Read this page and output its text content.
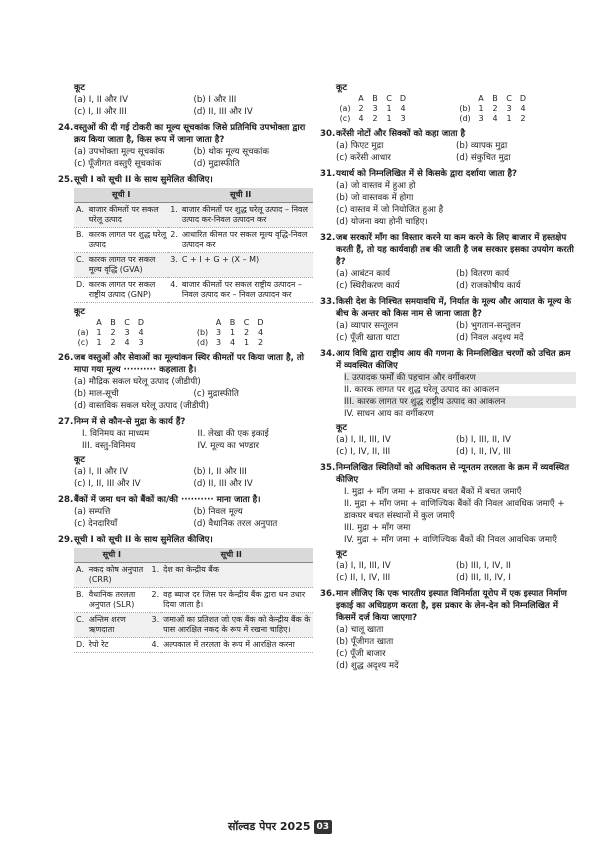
कूट
(a) I, II और IV	(b) I और III
(c) I, II और III	(d) II, III और IV
24. वस्तुओं की दी गई टोकरी का मूल्य सूचकांक जिसे प्रतिनिधि उपभोक्ता द्वारा क्रय किया जाता है, किस रूप में जाना जाता है?
(a) उपभोक्ता मूल्य सूचकांक	(b) थोक मूल्य सूचकांक
(c) पूँजीगत वस्तुएँ सूचकांक	(d) मुद्रास्फीति
25. सूची I को सूची II के साथ सुमेलित कीजिए।
सूची I		सूची II	
A.	बाजार कीमतों पर सकल घरेलू उत्पाद	1.	बाजार कीमतों पर शुद्ध घरेलू उत्पाद – निवल उत्पाद कर-निवल उत्पादन कर
B.	कारक लागत पर शुद्ध घरेलू उत्पाद	2.	आधारित कीमत पर सकल मूल्य वृद्धि-निवल उत्पादन कर
C.	कारक लागत पर सकल मूल्य वृद्धि (GVA)	3.	C + I + G + (X – M)
D.	कारक लागत पर सकल राष्ट्रीय उत्पाद (GNP)	4.	बाजार कीमतों पर सकल राष्ट्रीय उत्पादन – निवल उत्पाद कर – निवल उत्पादन कर
कूट
A	B	C	D	A	B	C	D
(a) 1	2	3	4	(b) 3	1	2	4
(c)	1	2	4	3	(d) 3	4	1	2
26. जब वस्तुओं और सेवाओं का मूल्यांकन स्थिर कीमतों पर किया जाता है, तो मापा गया मूल्य ·········· कहलाता है।
(a) मौद्रिक सकल घरेलू उत्पाद (जीडीपी)
(b) माल-सूची	(c) मुद्रास्फीति
(d) वास्तविक सकल घरेलू उत्पाद (जीडीपी)
27. निम्न में से कौन-से मुद्रा के कार्य हैं?
I. विनिमय का माध्यम	II. लेखा की एक इकाई
III. वस्तु-विनिमय	IV. मूल्य का भण्डार
कूट
(a) I, II और IV	(b) I, II और III
(c) I, II, III और IV	(d) II, III और IV
28. बैंकों में जमा धन को बैंकों का/की ·········· माना जाता है।
(a) सम्पत्ति	(b) निवल मूल्य
(c) देनदारियाँ	(d) वैधानिक तरल अनुपात
29. सूची I को सूची II के साथ सुमेलित कीजिए।
सूची I		सूची II	
A.	नकद कोष अनुपात (CRR)	1.	देश का केन्द्रीय बैंक
B.	वैधानिक तरलता अनुपात (SLR)	2.	वह ब्याज दर जिस पर केन्द्रीय बैंक द्वारा धन उधार दिया जाता है।
C.	अन्तिम शरण ऋणदाता	3.	जमाओं का प्रतिशत जो एक बैंक को केन्द्रीय बैंक के पास आरक्षित नकद के रूप में रखना चाहिए।
D.	रेपो रेट	4.	अल्पकाल में तरलता के रूप में आरक्षित करना
कूट
A	B	C	D	A	B	C	D
(a) 2	3	1	4	(b) 1	2	3	4
(c)	4	2	1	3	(d) 3	4	1	2
30. करेंसी नोटों और सिक्कों को कहा जाता है
(a) फिएट मुद्रा	(b) व्यापक मुद्रा
(c) करेंसी आधार	(d) संकुचित मुद्रा
31. यथार्थ को निम्नलिखित में से किसके द्वारा दर्शाया जाता है?
(a) जो वास्तव में हुआ हो
(b) जो वास्तवक में होगा
(c) वास्तव में जो नियोजित हुआ है
(d) योजना क्या होनी चाहिए।
32. जब सरकारें माँग का विस्तार करने या कम करने के लिए बाजार में हस्तक्षेप करती हैं, तो यह कार्यवाही तब की जाती है जब सरकार इसका उपयोग करती है?
(a) आबंटन कार्य	(b) वितरण कार्य
(c) स्थिरीकरण कार्य	(d) राजकोषीय कार्य
33. किसी देश के निश्चित समयावधि में, निर्यात के मूल्य और आयात के मूल्य के बीच के अन्तर को किस नाम से जाना जाता है?
(a) व्यापार सन्तुलन	(b) भुगतान-सन्तुलन
(c) पूँजी खाता घाटा	(d) निवल अदृश्य मदें
34. आय विधि द्वारा राष्ट्रीय आय की गणना के निम्नलिखित चरणों को उचित क्रम में व्यवस्थित कीजिए
I. उत्पादक फर्मों की पहचान और वर्गीकरण
II. कारक लागत पर शुद्ध घरेलू उत्पाद का आकलन
III. कारक लागत पर शुद्ध राष्ट्रीय उत्पाद का आकलन
IV. साधन आय का वर्गीकरण
कूट
(a) I, II, III, IV	(b) I, III, II, IV
(c) I, IV, II, III	(d) I, II, IV, III
35. निम्नलिखित स्थितियों को अधिकतम से न्यूनतम तरलता के क्रम में व्यवस्थित कीजिए
I. मुद्रा + माँग जमा + डाकघर बचत बैंकों में बचत जमाएँ
II. मुद्रा + माँग जमा + वाणिज्यिक बैंकों की निवल आवधिक जमाएँ + डाकघर बचत संस्थानों में कुल जमाएँ
III. मुद्रा + माँग जमा
IV. मुद्रा + माँग जमा + वाणिज्यिक बैंकों की निवल आवधिक जमाएँ
कूट
(a) I, II, III, IV	(b) III, I, IV, II
(c) II, I, IV, III	(d) III, II, IV, I
36. मान लीजिए कि एक भारतीय इस्पात विनिर्माता यूरोप में एक इस्पात निर्माण इकाई का अधिग्रहण करता है, इस प्रकार के लेन-देन को निम्नलिखित में किसमें दर्ज किया जाएगा?
(a) चालू खाता
(b) पूँजीगत खाता
(c) पूँजी बाजार
(d) शुद्ध अदृश्य मदें
सॉल्वड पेपर 2025 03
